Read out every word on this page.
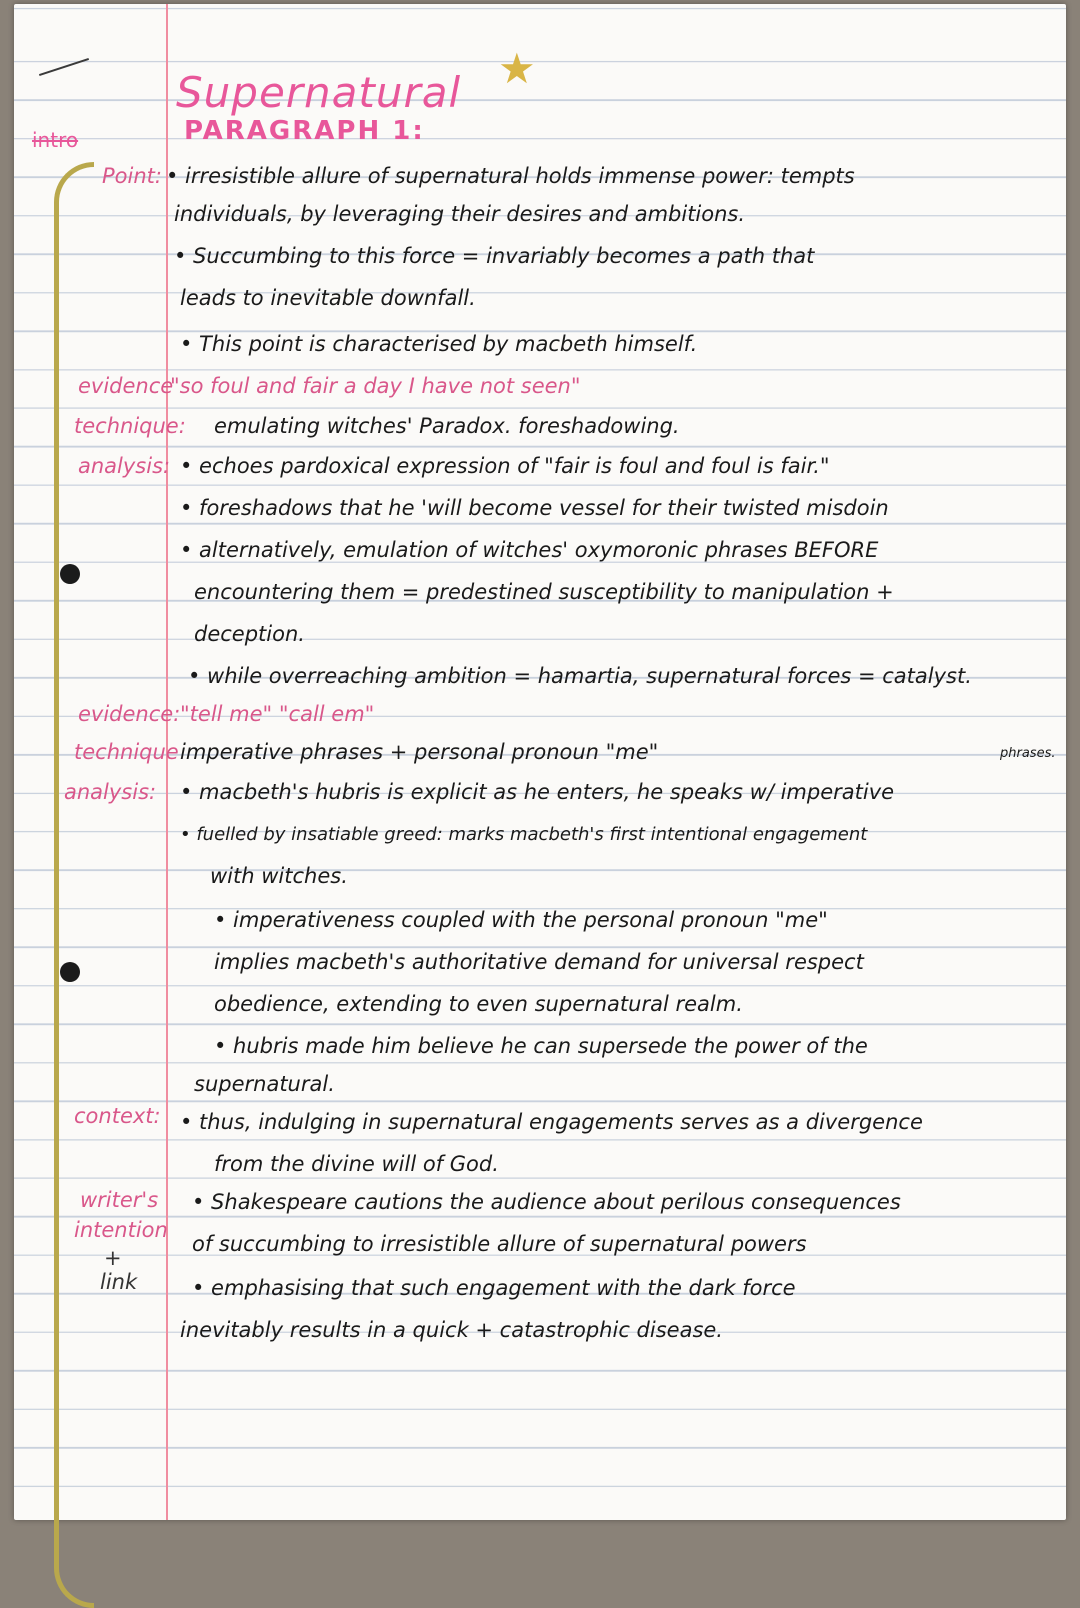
Supernatural ★
PARAGRAPH 1:
intro
Point:
evidence
technique:
analysis:
evidence:
technique
analysis:
context:
writer's
intention
+
link
• irresistible allure of supernatural holds immense power: tempts
individuals, by leveraging their desires and ambitions.
• Succumbing to this force = invariably becomes a path that
leads to inevitable downfall.
• This point is characterised by macbeth himself.
"so foul and fair a day I have not seen"
emulating witches' Paradox. foreshadowing.
• echoes pardoxical expression of "fair is foul and foul is fair."
• foreshadows that he 'will become vessel for their twisted misdoin
• alternatively, emulation of witches' oxymoronic phrases BEFORE
encountering them = predestined susceptibility to manipulation +
deception.
• while overreaching ambition = hamartia, supernatural forces = catalyst.
"tell me" "call em"
imperative phrases + personal pronoun "me"	phrases.
• macbeth's hubris is explicit as he enters, he speaks w/ imperative
• fuelled by insatiable greed: marks macbeth's first intentional engagement
with witches.
• imperativeness coupled with the personal pronoun "me"
implies macbeth's authoritative demand for universal respect
obedience, extending to even supernatural realm.
• hubris made him believe he can supersede the power of the
supernatural.
• thus, indulging in supernatural engagements serves as a divergence
from the divine will of God.
• Shakespeare cautions the audience about perilous consequences
of succumbing to irresistible allure of supernatural powers
• emphasising that such engagement with the dark force
inevitably results in a quick + catastrophic disease.
